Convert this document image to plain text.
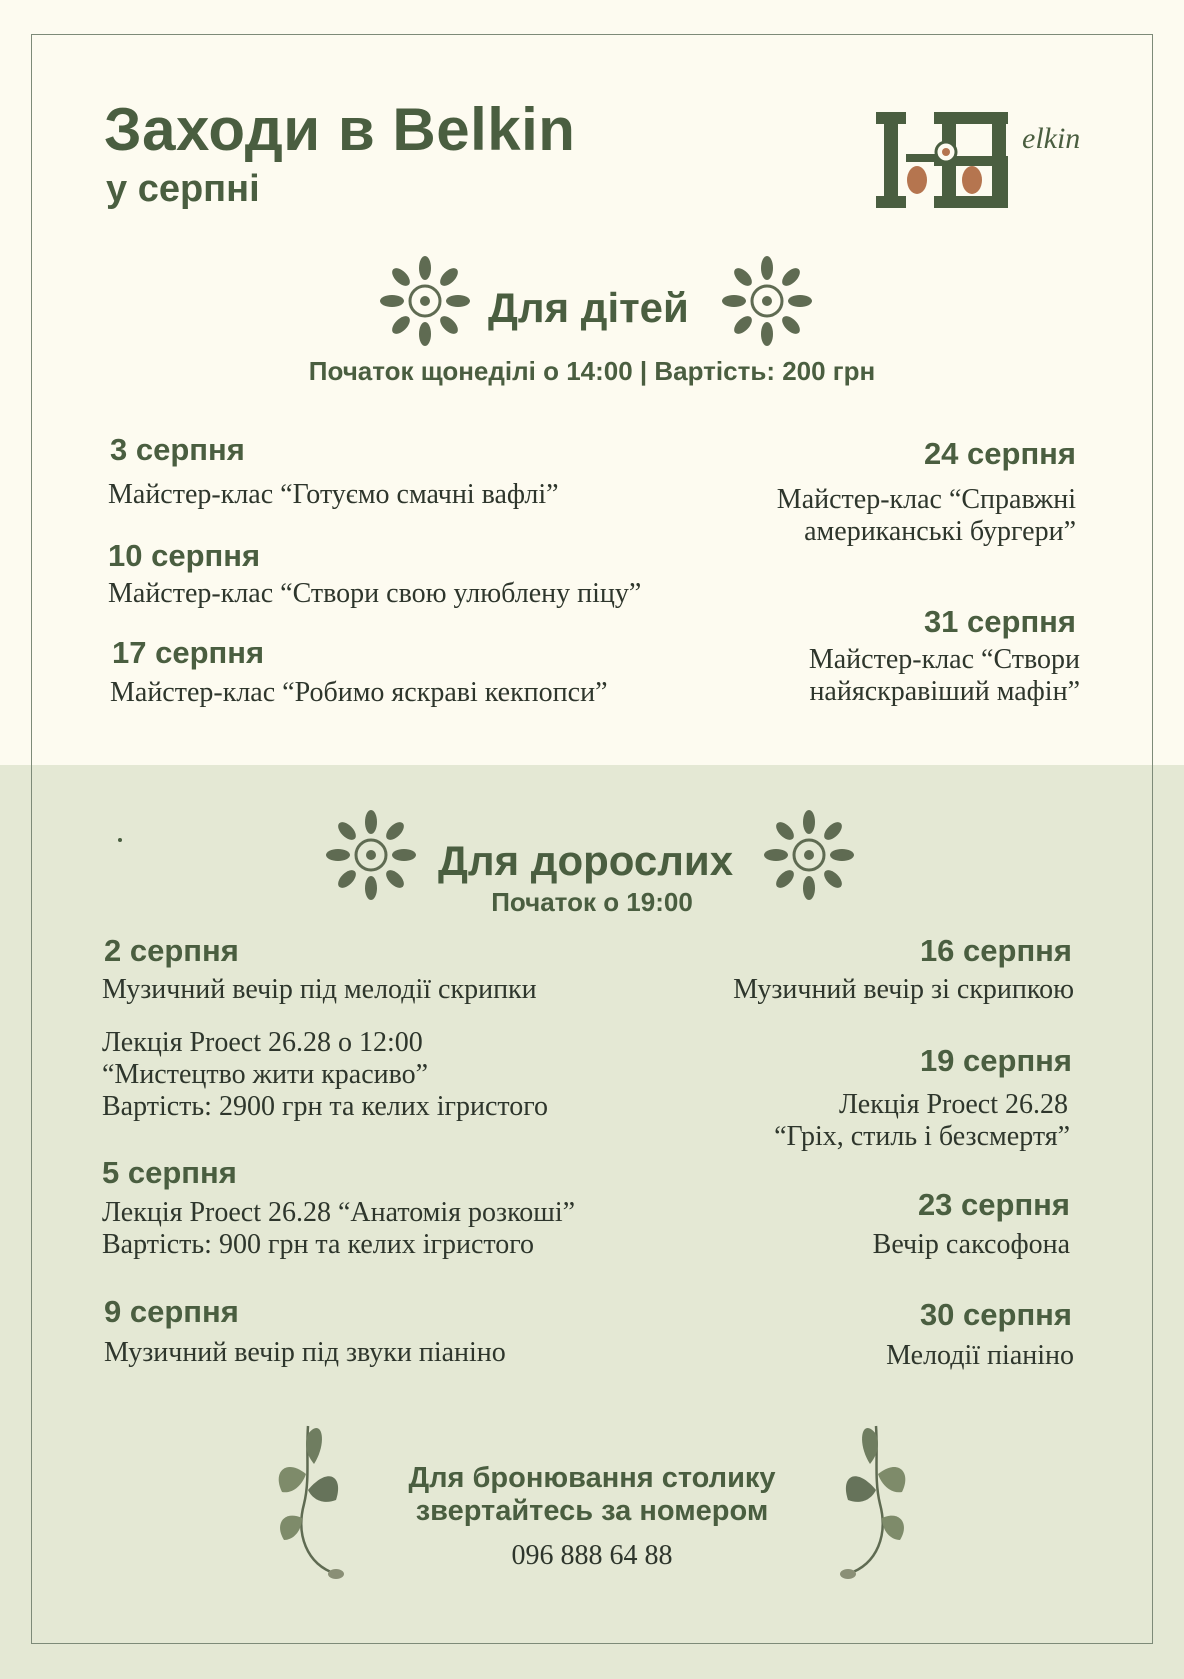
Заходи в Belkin
у серпні
elkin
Для дітей
Початок щонеділі о 14:00 | Вартість: 200 грн
3 серпня
Майстер-клас “Готуємо смачні вафлі”
10 серпня
Майстер-клас “Створи свою улюблену піцу”
17 серпня
Майстер-клас “Робимо яскраві кекпопси”
24 серпня
Майстер-клас “Справжні
американські бургери”
31 серпня
Майстер-клас “Створи
найяскравіший мафін”
Для дорослих
Початок о 19:00
2 серпня
Музичний вечір під мелодії скрипки
Лекція Proect 26.28 о 12:00
“Мистецтво жити красиво”
Вартість: 2900 грн та келих ігристого
5 серпня
Лекція Proect 26.28 “Анатомія розкоші”
Вартість: 900 грн та келих ігристого
9 серпня
Музичний вечір під звуки піаніно
16 серпня
Музичний вечір зі скрипкою
19 серпня
Лекція Proect 26.28
“Гріх, стиль і безсмертя”
23 серпня
Вечір саксофона
30 серпня
Мелодії піаніно
Для бронювання столику
звертайтесь за номером
096 888 64 88
